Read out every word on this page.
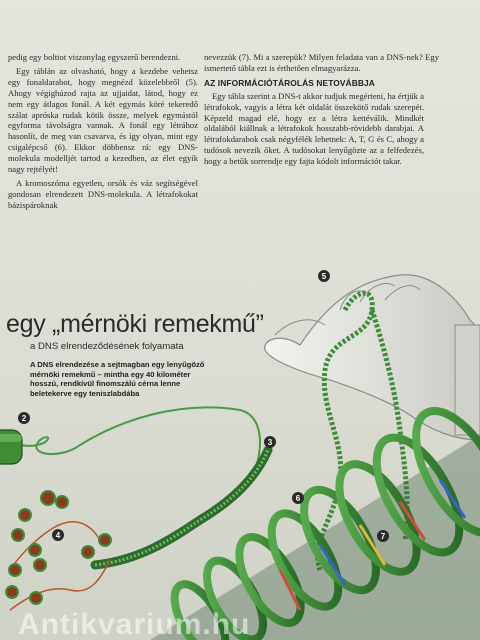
pedig egy bolttot viszonylag egyszerű berendezni.

Egy táblán az olvasható, hogy a kezdebe vehetsz egy fonaldarabot, hogy megnézd közelebbről (5). Ahogy végighúzod rajta az ujjaidat, látod, hogy ez nem egy átlagos fonál. A két egymás köré tekeredő szálat apróska rudak kötik össze, melyek egymástól egyforma távolságra vannak. A fonál egy létrához hasonlít, de meg van csavarva, és így olyan, mint egy csigalépcső (6). Ekkor döbbensz rá: egy DNS-molekula modelljét tartod a kezedben, az élet egyik nagy rejtélyét!

A kromoszóma egyetlen, orsók és váz segítségével gondosan elrendezett DNS-molekula. A létrafokokat bázispároknak

nevezzük (7). Mi a szerepük? Milyen feladata van a DNS-nek? Egy ismertető tábla ezt is érthetően elmagyarázza.

AZ INFORMÁCIÓTÁROLÁS NETOVÁBBJA

Egy tábla szerint a DNS-t akkor tudjuk megérteni, ha értjük a létrafokok, vagyis a létra két oldalát összekötő rudak szerepét. Képzeld magad elé, hogy ez a létra kettéválik. Mindkét oldalából kiállnak a létrafokok hosszabb-rövidebb darabjai. A létrafokdarabok csak négyfélék lehetnek: A, T, G és C, ahogy a tudósok nevezik őket. A tudósokat lenyűgözte az a felfedezés, hogy a betűk sorrendje egy fajta kódolt információt takar.

2
3
4
5
6
7
egy „mérnöki remekmű”
a DNS elrendeződésének folyamata
A DNS elrendezése a sejtmagban egy lenyűgöző mérnöki remekmű – mintha egy 40 kilométer hosszú, rendkívül finomszálú cérna lenne beletekerve egy teniszlabdába
Antikvarium.hu
